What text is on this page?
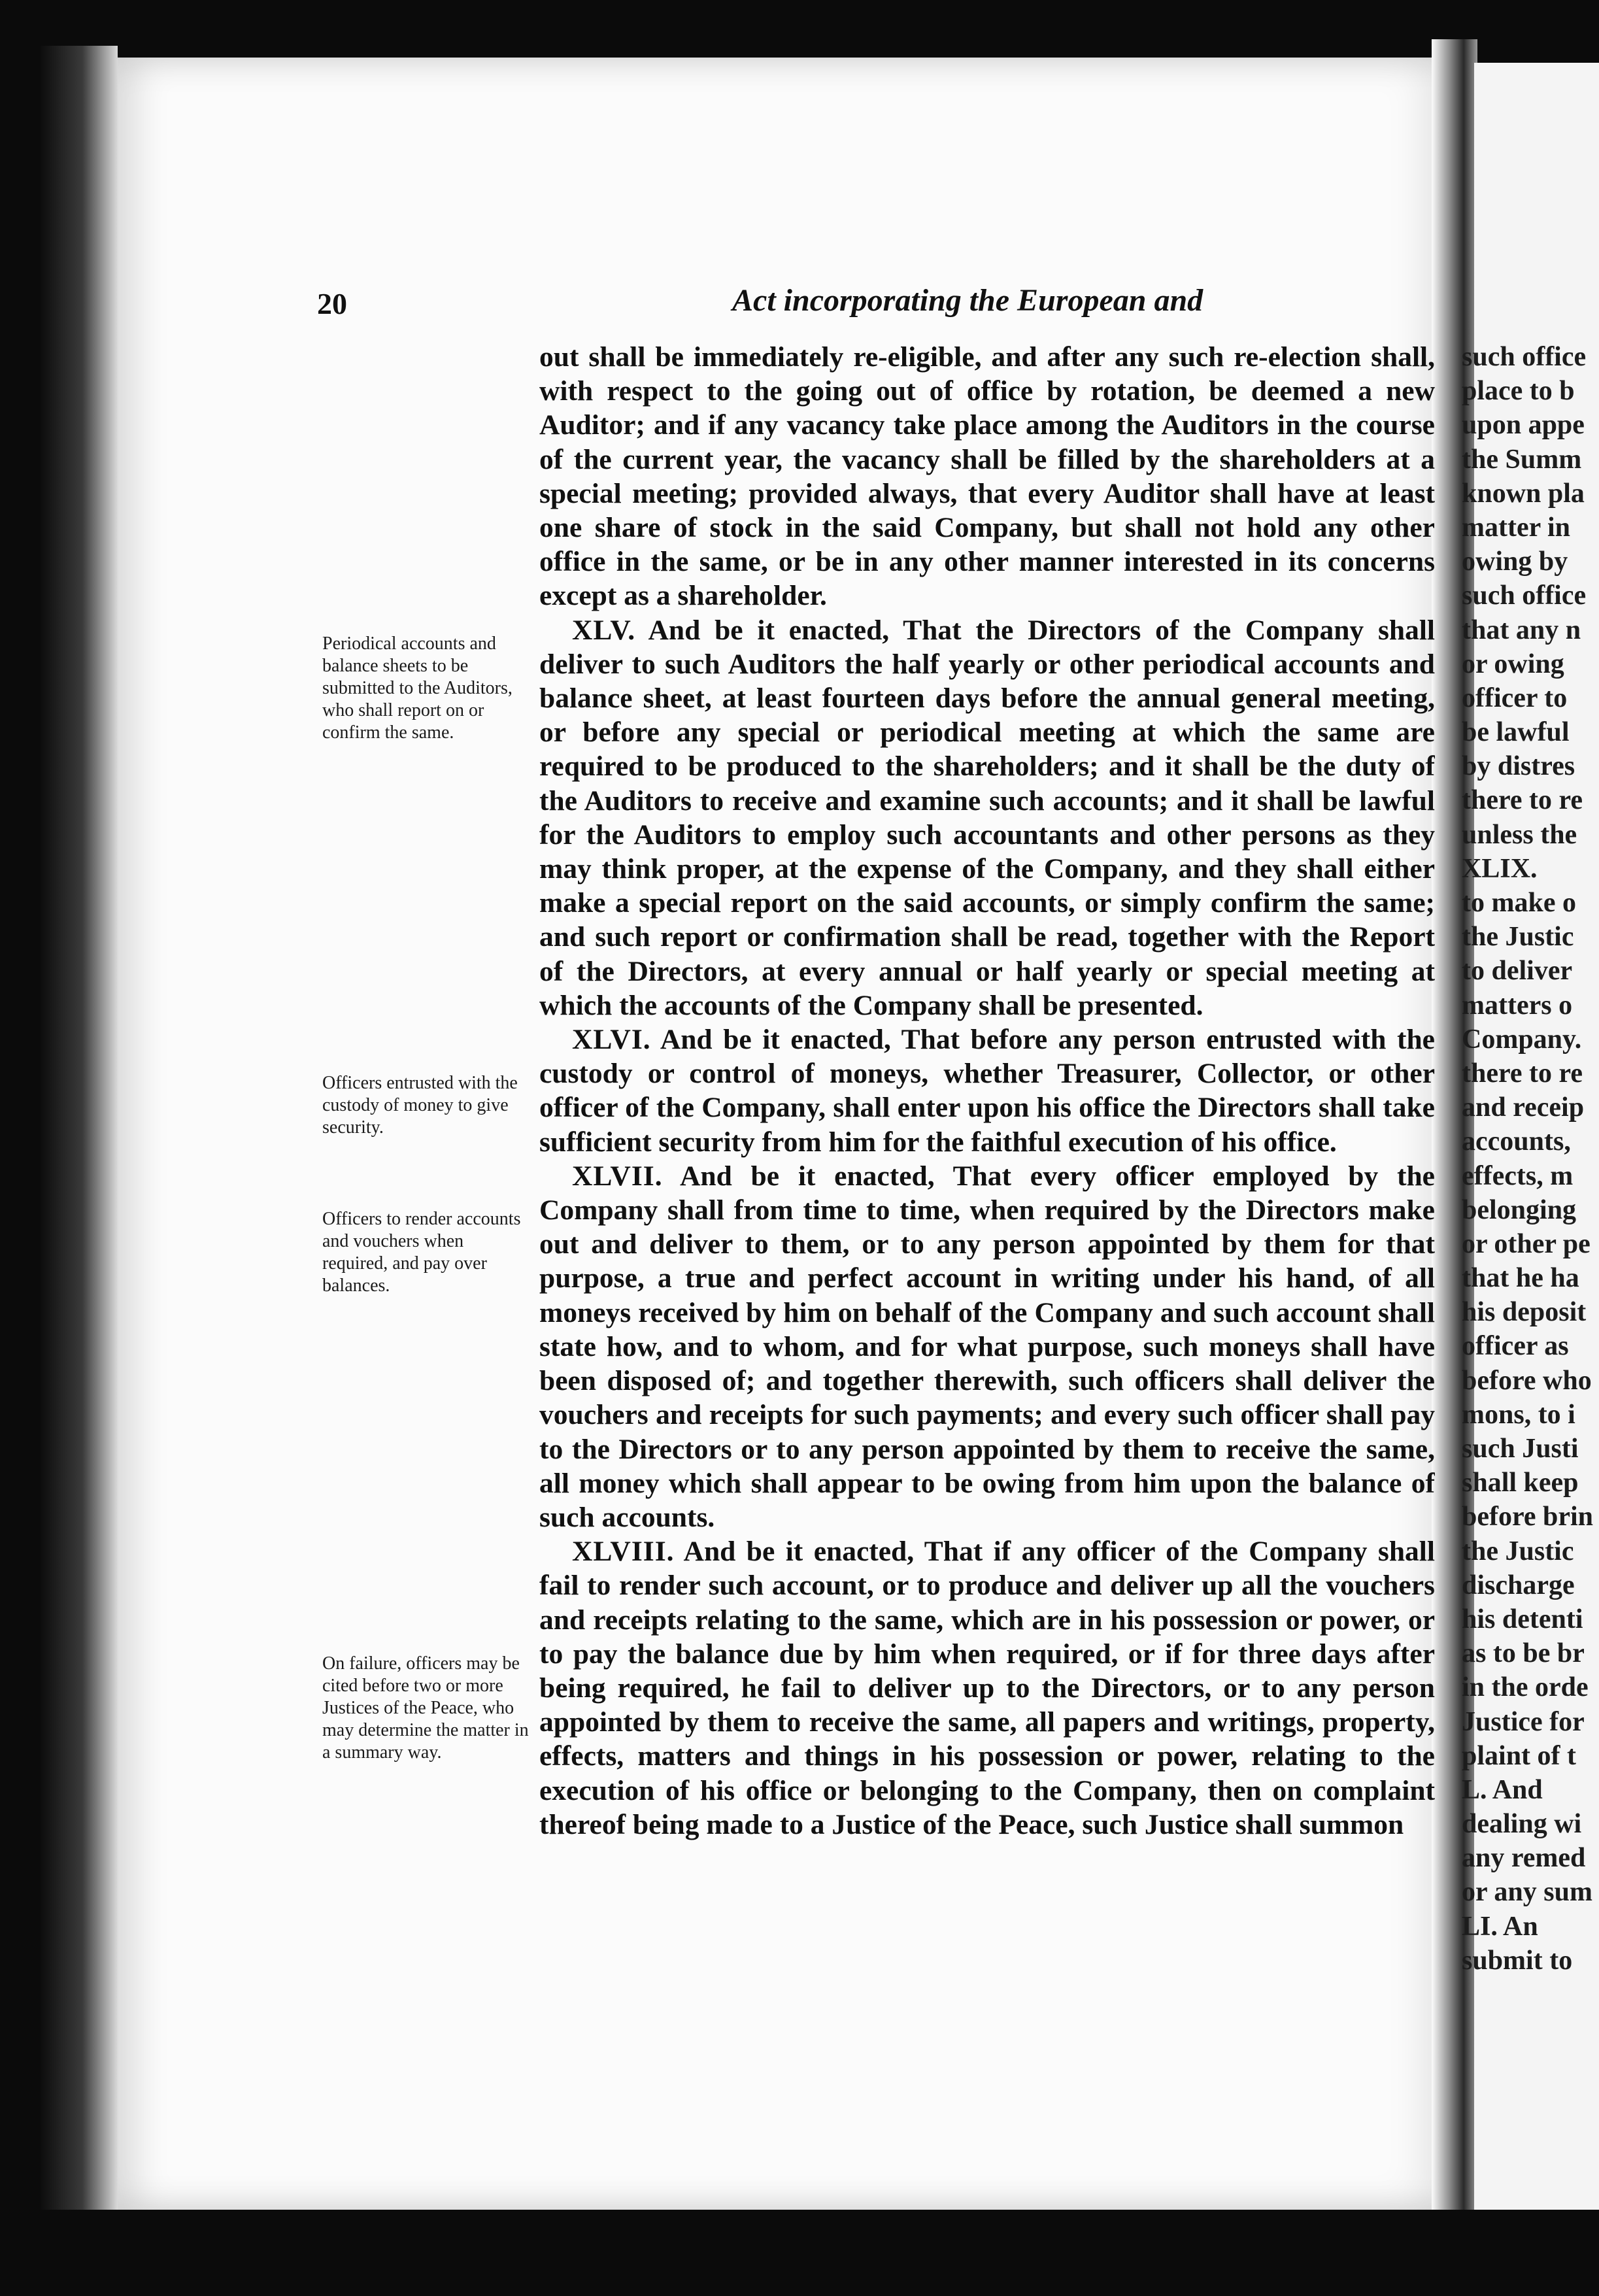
20	Act incorporating the European and
Periodical accounts and balance sheets to be submitted to the Auditors, who shall report on or confirm the same.
Officers entrusted with the custody of money to give security.
Officers to render accounts and vouchers when required, and pay over balances.
On failure, officers may be cited before two or more Justices of the Peace, who may determine the matter in a summary way.

out shall be immediately re-eligible, and after any such re-election shall, with respect to the going out of office by rotation, be deemed a new Auditor; and if any vacancy take place among the Auditors in the course of the current year, the vacancy shall be filled by the shareholders at a special meeting; provided always, that every Auditor shall have at least one share of stock in the said Company, but shall not hold any other office in the same, or be in any other manner interested in its concerns except as a shareholder.

XLV. And be it enacted, That the Directors of the Company shall deliver to such Auditors the half yearly or other periodical accounts and balance sheet, at least fourteen days before the annual general meeting, or before any special or periodical meeting at which the same are required to be produced to the shareholders; and it shall be the duty of the Auditors to receive and examine such accounts; and it shall be lawful for the Auditors to employ such accountants and other persons as they may think proper, at the expense of the Company, and they shall either make a special report on the said accounts, or simply confirm the same; and such report or confirmation shall be read, together with the Report of the Directors, at every annual or half yearly or special meeting at which the accounts of the Company shall be presented.

XLVI. And be it enacted, That before any person entrusted with the custody or control of moneys, whether Treasurer, Collector, or other officer of the Company, shall enter upon his office the Directors shall take sufficient security from him for the faithful execution of his office.

XLVII. And be it enacted, That every officer employed by the Company shall from time to time, when required by the Directors make out and deliver to them, or to any person appointed by them for that purpose, a true and perfect account in writing under his hand, of all moneys received by him on behalf of the Company and such account shall state how, and to whom, and for what purpose, such moneys shall have been disposed of; and together therewith, such officers shall deliver the vouchers and receipts for such payments; and every such officer shall pay to the Directors or to any person appointed by them to receive the same, all money which shall appear to be owing from him upon the balance of such accounts.

XLVIII. And be it enacted, That if any officer of the Company shall fail to render such account, or to produce and deliver up all the vouchers and receipts relating to the same, which are in his possession or power, or to pay the balance due by him when required, or if for three days after being required, he fail to deliver up to the Directors, or to any person appointed by them to receive the same, all papers and writings, property, effects, matters and things in his possession or power, relating to the execution of his office or belonging to the Company, then on complaint thereof being made to a Justice of the Peace, such Justice shall summon

such office
place to b
upon appe
the Summ
known pla
matter in
owing by
such office
that any n
or owing
officer to
be lawful
by distres
there to re
unless the
XLIX.
to make o
the Justic
to deliver
matters o
Company.
there to re
and receip
accounts,
effects, m
belonging
or other pe
that he ha
his deposit
officer as
before who
mons, to i
such Justi
shall keep
before brin
the Justic
discharge
his detenti
as to be br
in the orde
Justice for
plaint of t
L. And
dealing wi
any remed
or any sum
LI. An
submit to
